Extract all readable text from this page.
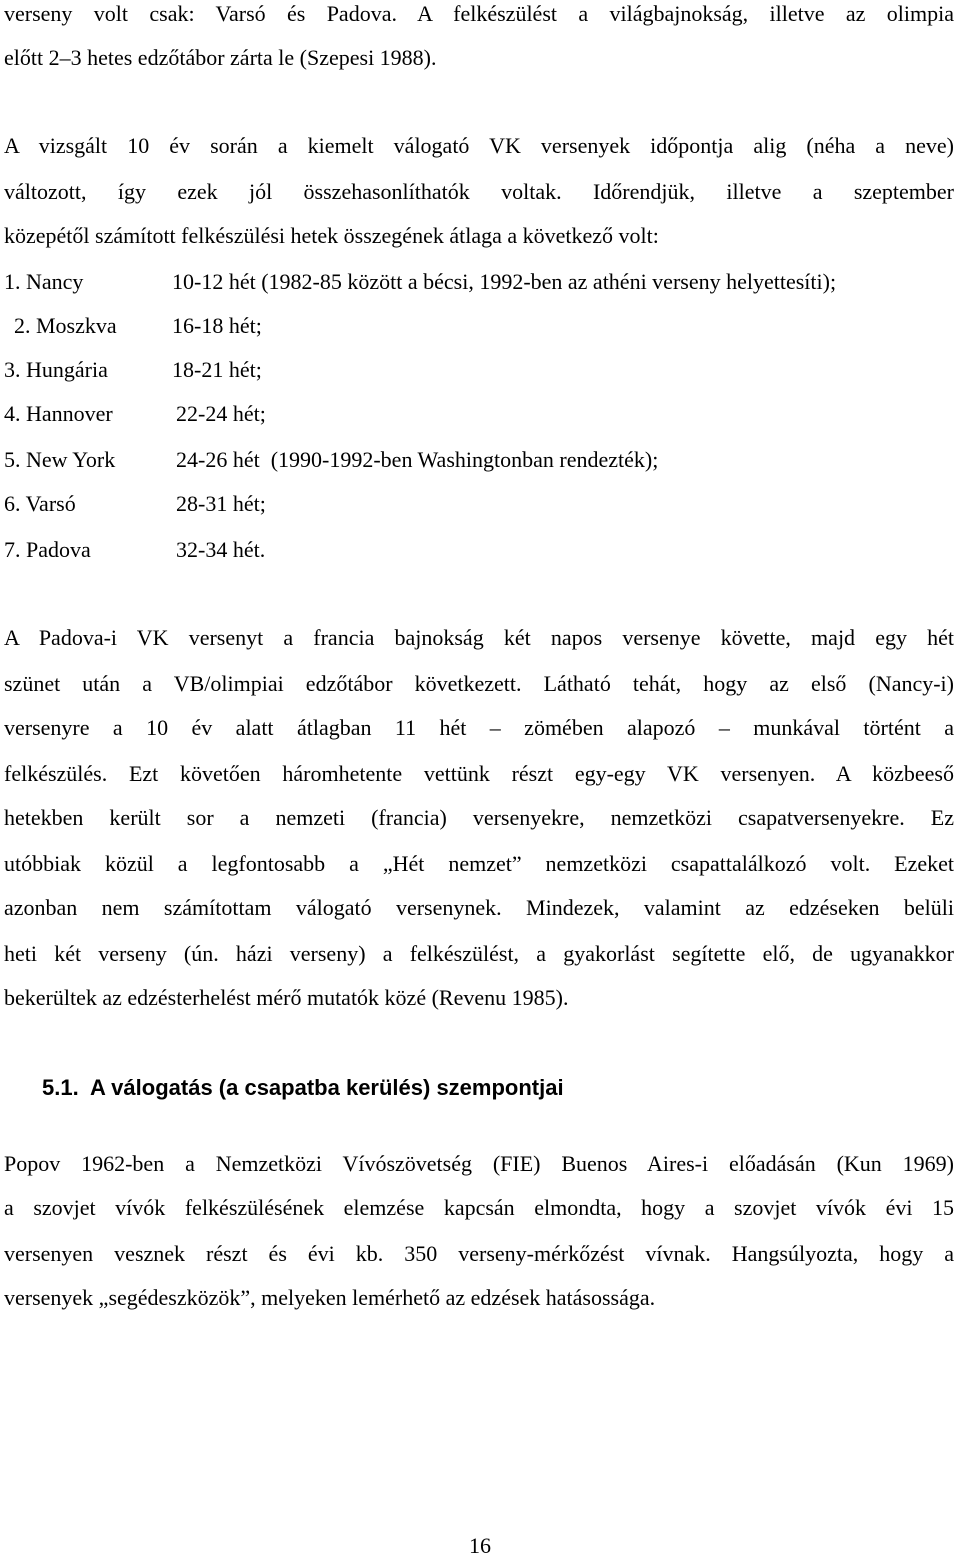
verseny volt csak: Varsó és Padova. A felkészülést a világbajnokság, illetve az olimpia
előtt 2–3 hetes edzőtábor zárta le (Szepesi 1988).
A vizsgált 10 év során a kiemelt válogató VK versenyek időpontja alig (néha a neve)
változott, így ezek jól összehasonlíthatók voltak. Időrendjük, illetve a szeptember
közepétől számított felkészülési hetek összegének átlaga a következő volt:
1. Nancy	10-12 hét (1982-85 között a bécsi, 1992-ben az athéni verseny helyettesíti);
2. Moszkva	16-18 hét;
3. Hungária	18-21 hét;
4. Hannover	22-24 hét;
5. New York	24-26 hét  (1990-1992-ben Washingtonban rendezték);
6. Varsó	28-31 hét;
7. Padova	32-34 hét.
A Padova-i VK versenyt a francia bajnokság két napos versenye követte, majd egy hét
szünet után a VB/olimpiai edzőtábor következett. Látható tehát, hogy az első (Nancy-i)
versenyre a 10 év alatt átlagban 11 hét – zömében alapozó – munkával történt a
felkészülés. Ezt követően háromhetente vettünk részt egy-egy VK versenyen. A közbeeső
hetekben került sor a nemzeti (francia) versenyekre, nemzetközi csapatversenyekre. Ez
utóbbiak közül a legfontosabb a „Hét nemzet” nemzetközi csapattalálkozó volt. Ezeket
azonban nem számítottam válogató versenynek. Mindezek, valamint az edzéseken belüli
heti két verseny (ún. házi verseny) a felkészülést, a gyakorlást segítette elő, de ugyanakkor
bekerültek az edzésterhelést mérő mutatók közé (Revenu 1985).
5.1. A válogatás (a csapatba kerülés) szempontjai
Popov 1962-ben a Nemzetközi Vívószövetség (FIE) Buenos Aires-i előadásán (Kun 1969)
a szovjet vívók felkészülésének elemzése kapcsán elmondta, hogy a szovjet vívók évi 15
versenyen vesznek részt és évi kb. 350 verseny-mérkőzést vívnak. Hangsúlyozta, hogy a
versenyek „segédeszközök”, melyeken lemérhető az edzések hatásossága.
16
